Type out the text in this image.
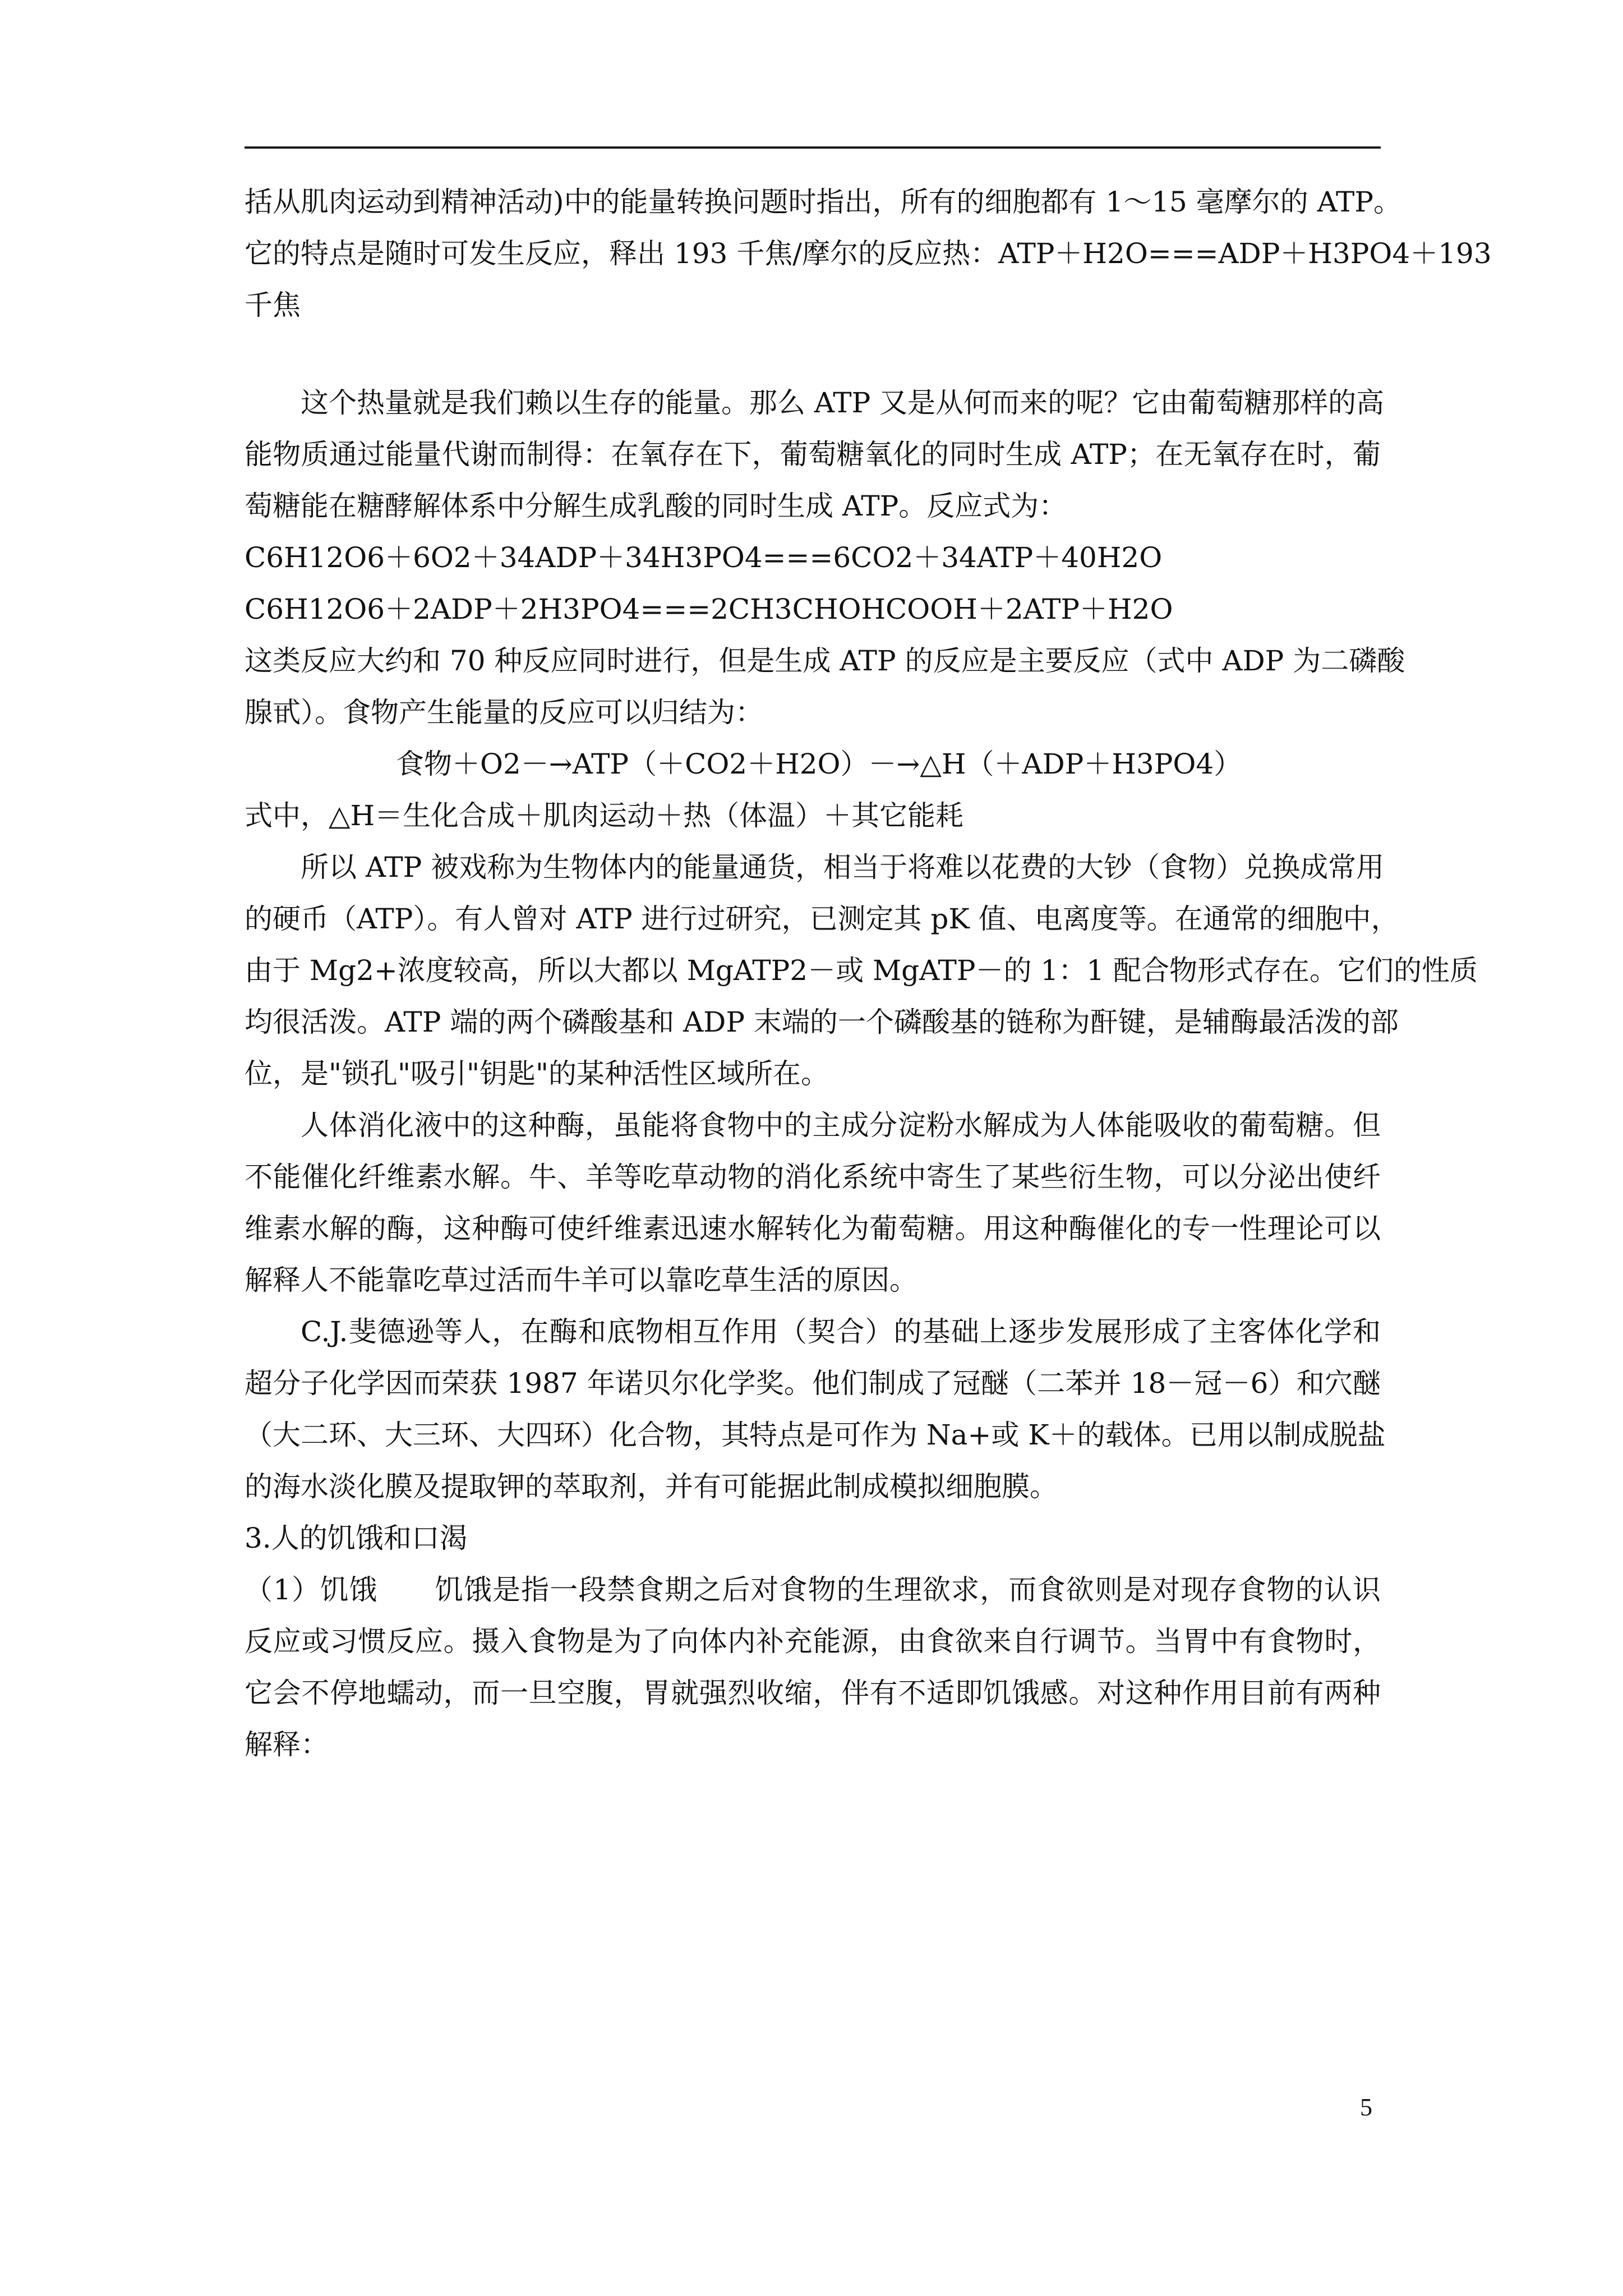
括从肌肉运动到精神活动)中的能量转换问题时指出，所有的细胞都有 1～15 毫摩尔的 ATP。
它的特点是随时可发生反应，释出 193 千焦/摩尔的反应热：ATP＋H2O===ADP＋H3PO4＋193
千焦
这个热量就是我们赖以生存的能量。那么 ATP 又是从何而来的呢？它由葡萄糖那样的高
能物质通过能量代谢而制得：在氧存在下，葡萄糖氧化的同时生成 ATP；在无氧存在时，葡
萄糖能在糖酵解体系中分解生成乳酸的同时生成 ATP。反应式为：
C6H12O6＋6O2＋34ADP＋34H3PO4===6CO2＋34ATP＋40H2O
C6H12O6＋2ADP＋2H3PO4===2CH3CHOHCOOH＋2ATP＋H2O
这类反应大约和 70 种反应同时进行，但是生成 ATP 的反应是主要反应（式中 ADP 为二磷酸
腺甙）。食物产生能量的反应可以归结为：
食物＋O2－→ATP（＋CO2＋H2O）－→△H（＋ADP＋H3PO4）
式中，△H＝生化合成＋肌肉运动＋热（体温）＋其它能耗
所以 ATP 被戏称为生物体内的能量通货，相当于将难以花费的大钞（食物）兑换成常用
的硬币（ATP）。有人曾对 ATP 进行过研究，已测定其 pK 值、电离度等。在通常的细胞中，
由于 Mg2+浓度较高，所以大都以 MgATP2－或 MgATP－的 1：1 配合物形式存在。它们的性质
均很活泼。ATP 端的两个磷酸基和 ADP 末端的一个磷酸基的链称为酐键，是辅酶最活泼的部
位，是"锁孔"吸引"钥匙"的某种活性区域所在。
人体消化液中的这种酶，虽能将食物中的主成分淀粉水解成为人体能吸收的葡萄糖。但
不能催化纤维素水解。牛、羊等吃草动物的消化系统中寄生了某些衍生物，可以分泌出使纤
维素水解的酶，这种酶可使纤维素迅速水解转化为葡萄糖。用这种酶催化的专一性理论可以
解释人不能靠吃草过活而牛羊可以靠吃草生活的原因。
C.J.斐德逊等人，在酶和底物相互作用（契合）的基础上逐步发展形成了主客体化学和
超分子化学因而荣获 1987 年诺贝尔化学奖。他们制成了冠醚（二苯并 18－冠－6）和穴醚
（大二环、大三环、大四环）化合物，其特点是可作为 Na+或 K＋的载体。已用以制成脱盐
的海水淡化膜及提取钾的萃取剂，并有可能据此制成模拟细胞膜。
3.人的饥饿和口渴
（1）饥饿　　饥饿是指一段禁食期之后对食物的生理欲求，而食欲则是对现存食物的认识
反应或习惯反应。摄入食物是为了向体内补充能源，由食欲来自行调节。当胃中有食物时，
它会不停地蠕动，而一旦空腹，胃就强烈收缩，伴有不适即饥饿感。对这种作用目前有两种
解释：
5
